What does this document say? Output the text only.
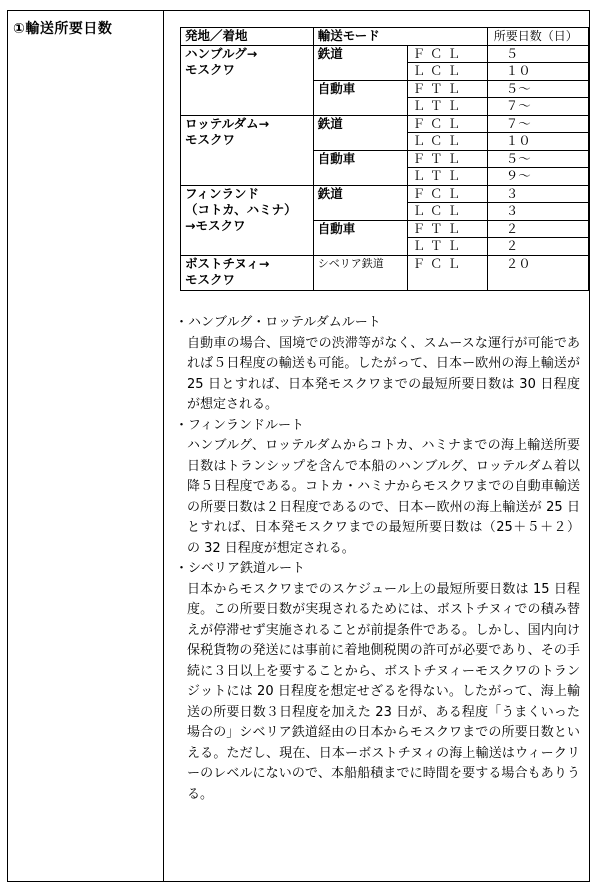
①輸送所要日数	発地／着地	輸送モード		所要日数（日）

ハンブルグ→
モスクワ	鉄道	ＦＣＬ	５
		ＬＣＬ	１０
	自動車	ＦＴＬ	５～
		ＬＴＬ	７～

ロッテルダム→
モスクワ	鉄道	ＦＣＬ	７～
		ＬＣＬ	１０
	自動車	ＦＴＬ	５～
		ＬＴＬ	９～

フィンランド
（コトカ、ハミナ）
→モスクワ	鉄道	ＦＣＬ	３
		ＬＣＬ	３
	自動車	ＦＴＬ	２
		ＬＴＬ	２

ボストチヌィ→
モスクワ	シベリア鉄道	ＦＣＬ	２０

・ハンブルグ・ロッテルダムルート
自動車の場合、国境での渋滞等がなく、スムースな運行が可能であれば５日程度の輸送も可能。したがって、日本ー欧州の海上輸送が 25 日とすれば、日本発モスクワまでの最短所要日数は 30 日程度が想定される。
・フィンランドルート
ハンブルグ、ロッテルダムからコトカ、ハミナまでの海上輸送所要日数はトランシップを含んで本船のハンブルグ、ロッテルダム着以降５日程度である。コトカ・ハミナからモスクワまでの自動車輸送の所要日数は２日程度であるので、日本ー欧州の海上輸送が 25 日とすれば、日本発モスクワまでの最短所要日数は（25＋５＋２）の 32 日程度が想定される。
・シベリア鉄道ルート
日本からモスクワまでのスケジュール上の最短所要日数は 15 日程度。この所要日数が実現されるためには、ボストチヌィでの積み替えが停滞せず実施されることが前提条件である。しかし、国内向け保税貨物の発送には事前に着地側税関の許可が必要であり、その手続に３日以上を要することから、ボストチヌィーモスクワのトランジットには 20 日程度を想定せざるを得ない。したがって、海上輸送の所要日数３日程度を加えた 23 日が、ある程度「うまくいった場合の」シベリア鉄道経由の日本からモスクワまでの所要日数といえる。ただし、現在、日本ーボストチヌィの海上輸送はウィークリーのレベルにないので、本船船積までに時間を要する場合もありうる。
